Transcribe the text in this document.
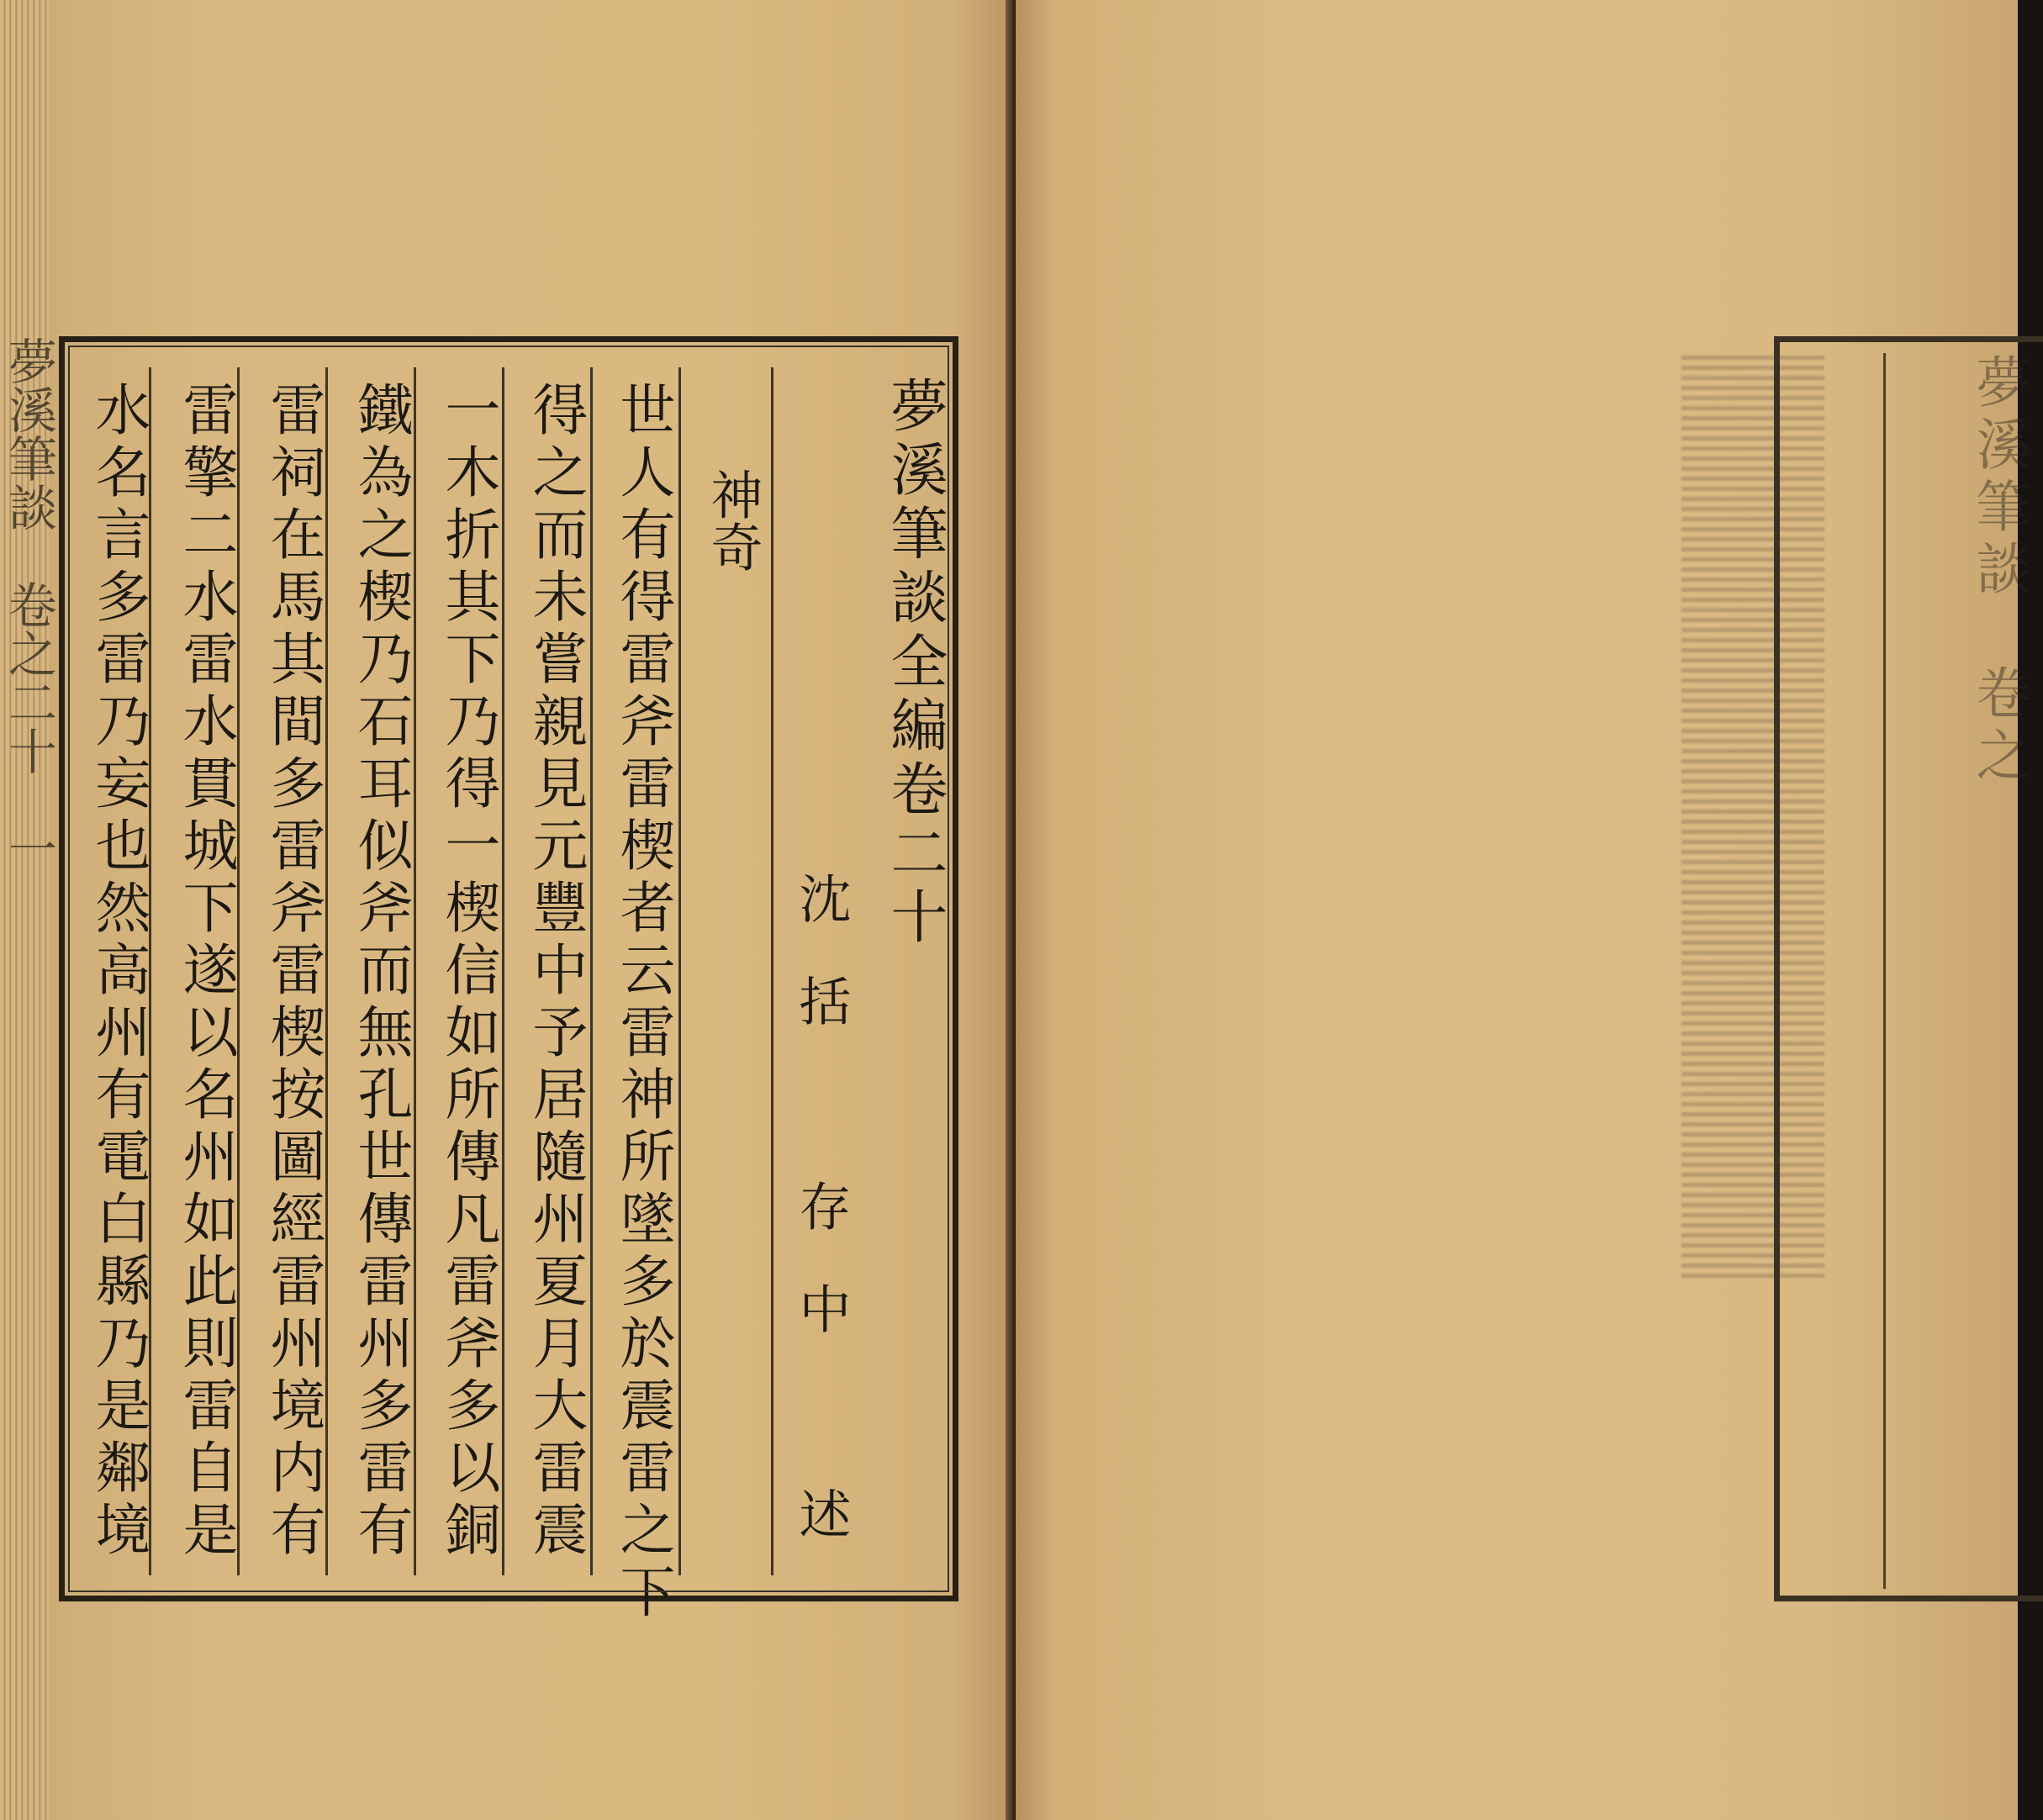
夢溪筆談全編卷二十
沈括　存中　述
神奇
世人有得雷斧雷楔者云雷神所墜多於震雷之下
得之而未嘗親見元豐中予居隨州夏月大雷震
一木折其下乃得一楔信如所傳凡雷斧多以銅
鐵為之楔乃石耳似斧而無孔世傳雷州多雷有
雷祠在馬其間多雷斧雷楔按圖經雷州境内有
雷擎二水雷水貫城下遂以名州如此則雷自是
水名言多雷乃妄也然高州有電白縣乃是鄰境
夢溪筆談　卷之二十　一	夢溪筆談　卷之
